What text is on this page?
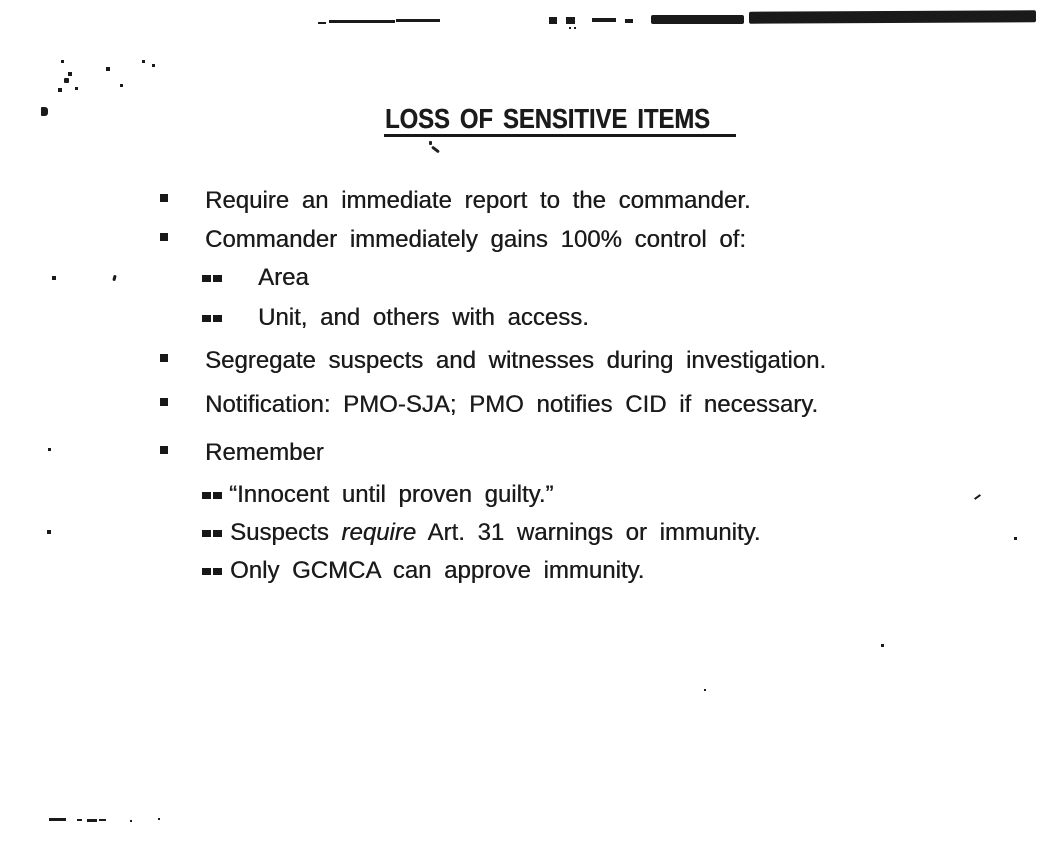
LOSS OF SENSITIVE ITEMS
Require an immediate report to the commander.
Commander immediately gains 100% control of:
Area
Unit, and others with access.
Segregate suspects and witnesses during investigation.
Notification: PMO-SJA; PMO notifies CID if necessary.
Remember
“Innocent until proven guilty.”
Suspects require Art. 31 warnings or immunity.
Only GCMCA can approve immunity.
